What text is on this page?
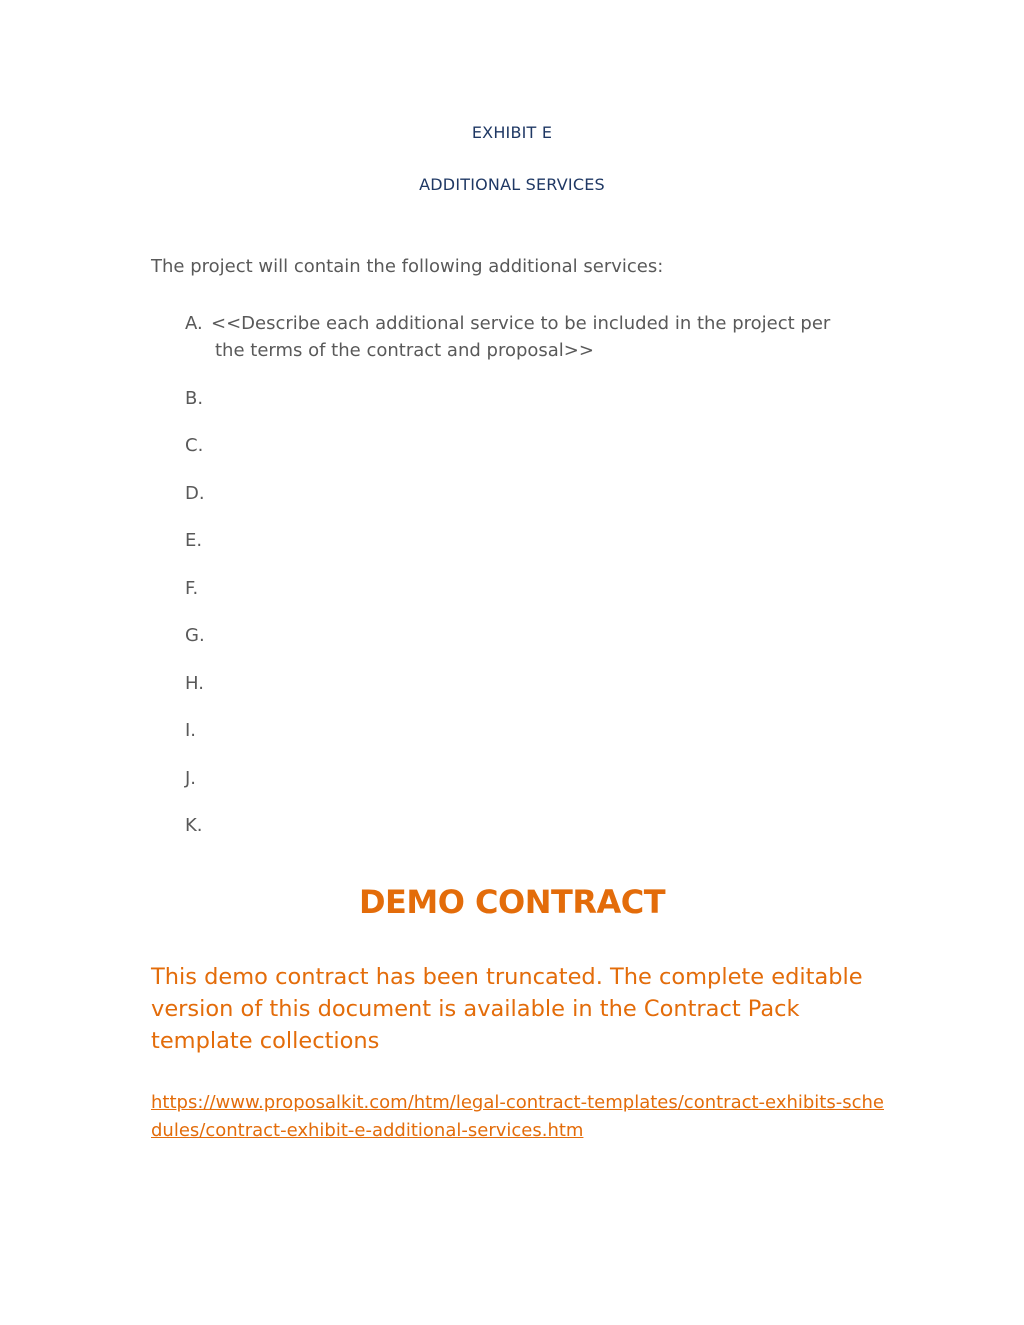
EXHIBIT E
ADDITIONAL SERVICES
The project will contain the following additional services:
A. <<Describe each additional service to be included in the project per the terms of the contract and proposal>>
B.
C.
D.
E.
F.
G.
H.
I.
J.
K.
DEMO CONTRACT
This demo contract has been truncated. The complete editable version of this document is available in the Contract Pack template collections
https://www.proposalkit.com/htm/legal-contract-templates/contract-exhibits-schedules/contract-exhibit-e-additional-services.htm
